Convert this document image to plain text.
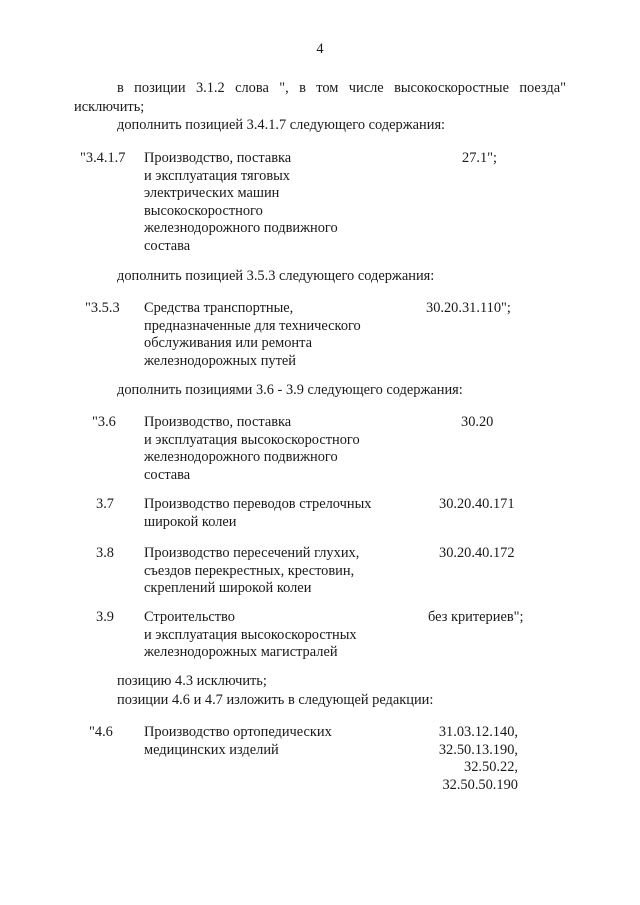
4
в позиции 3.1.2 слова ", в том числе высокоскоростные поезда"
исключить;
дополнить позицией 3.4.1.7 следующего содержания:
"3.4.1.7 Производство, поставка
и эксплуатация тяговых
электрических машин
высокоскоростного
железнодорожного подвижного
состава
27.1";
дополнить позицией 3.5.3 следующего содержания:
"3.5.3 Средства транспортные,
предназначенные для технического
обслуживания или ремонта
железнодорожных путей
30.20.31.110";
дополнить позициями 3.6 - 3.9 следующего содержания:
"3.6 Производство, поставка
и эксплуатация высокоскоростного
железнодорожного подвижного
состава
30.20
3.7 Производство переводов стрелочных
широкой колеи
30.20.40.171
3.8 Производство пересечений глухих,
съездов перекрестных, крестовин,
скреплений широкой колеи
30.20.40.172
3.9 Строительство
и эксплуатация высокоскоростных
железнодорожных магистралей
без критериев";
позицию 4.3 исключить;
позиции 4.6 и 4.7 изложить в следующей редакции:
"4.6 Производство ортопедических
медицинских изделий
31.03.12.140,
32.50.13.190,
32.50.22,
32.50.50.190
